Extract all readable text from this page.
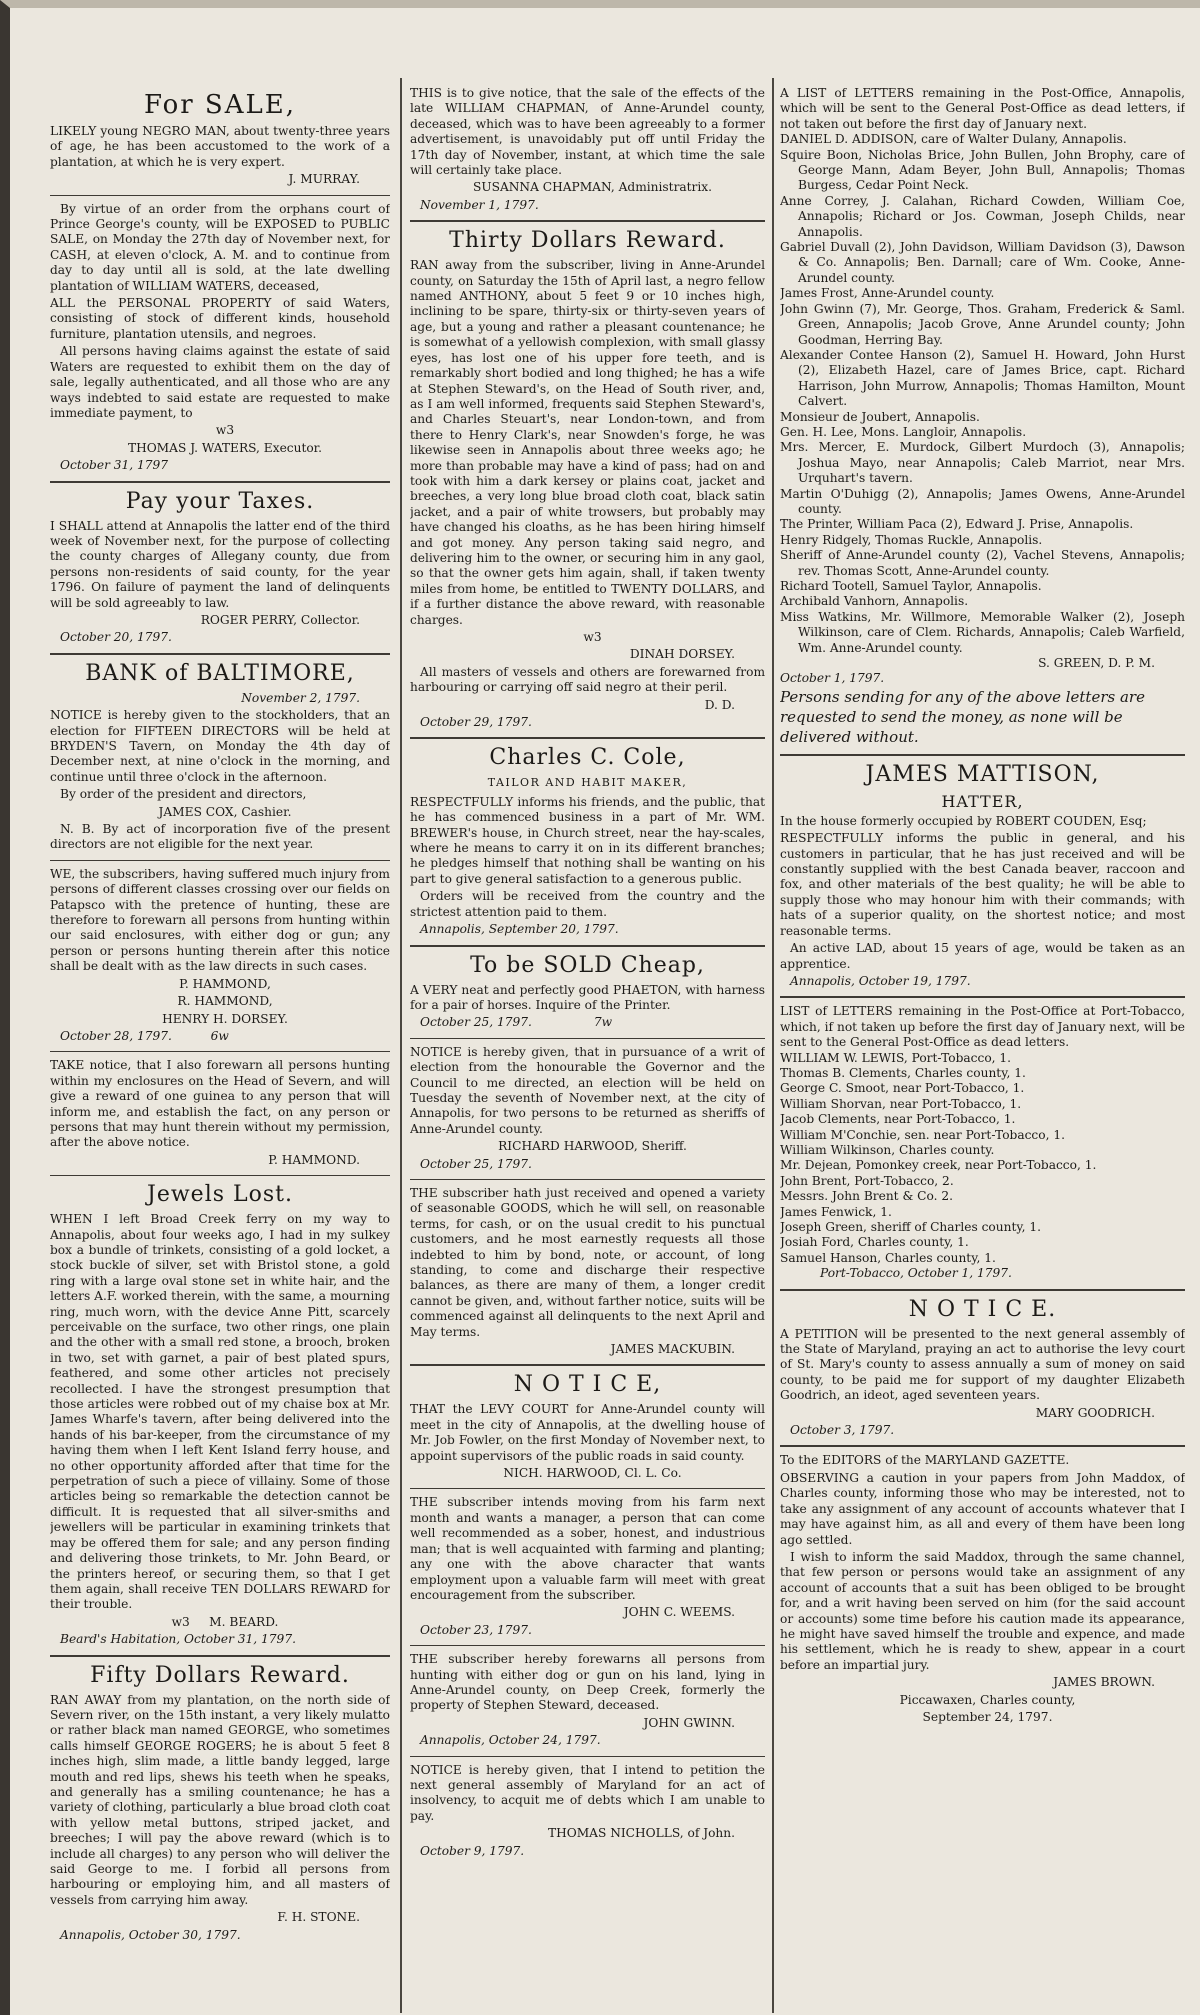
For SALE,

LIKELY young NEGRO MAN, about twenty-three years of age, he has been accustomed to the work of a plantation, at which he is very expert.

J. MURRAY.

By virtue of an order from the orphans court of Prince George's county, will be EXPOSED to PUBLIC SALE, on Monday the 27th day of November next, for CASH, at eleven o'clock, A. M. and to continue from day to day until all is sold, at the late dwelling plantation of WILLIAM WATERS, deceased,

ALL the PERSONAL PROPERTY of said Waters, consisting of stock of different kinds, household furniture, plantation utensils, and negroes.

All persons having claims against the estate of said Waters are requested to exhibit them on the day of sale, legally authenticated, and all those who are any ways indebted to said estate are requested to make immediate payment, to

w3

THOMAS J. WATERS, Executor.

October 31, 1797

Pay your Taxes.

I SHALL attend at Annapolis the latter end of the third week of November next, for the purpose of collecting the county charges of Allegany county, due from persons non-residents of said county, for the year 1796. On failure of payment the land of delinquents will be sold agreeably to law.

ROGER PERRY, Collector.

October 20, 1797.

BANK of BALTIMORE,

November 2, 1797.

NOTICE is hereby given to the stockholders, that an election for FIFTEEN DIRECTORS will be held at BRYDEN'S Tavern, on Monday the 4th day of December next, at nine o'clock in the morning, and continue until three o'clock in the afternoon.

By order of the president and directors,

JAMES COX, Cashier.

N. B. By act of incorporation five of the present directors are not eligible for the next year.

WE, the subscribers, having suffered much injury from persons of different classes crossing over our fields on Patapsco with the pretence of hunting, these are therefore to forewarn all persons from hunting within our said enclosures, with either dog or gun; any person or persons hunting therein after this notice shall be dealt with as the law directs in such cases.

P. HAMMOND,

R. HAMMOND,

HENRY H. DORSEY.

October 28, 1797.	6w

TAKE notice, that I also forewarn all persons hunting within my enclosures on the Head of Severn, and will give a reward of one guinea to any person that will inform me, and establish the fact, on any person or persons that may hunt therein without my permission, after the above notice.

P. HAMMOND.

Jewels Lost.

WHEN I left Broad Creek ferry on my way to Annapolis, about four weeks ago, I had in my sulkey box a bundle of trinkets, consisting of a gold locket, a stock buckle of silver, set with Bristol stone, a gold ring with a large oval stone set in white hair, and the letters A.F. worked therein, with the same, a mourning ring, much worn, with the device Anne Pitt, scarcely perceivable on the surface, two other rings, one plain and the other with a small red stone, a brooch, broken in two, set with garnet, a pair of best plated spurs, feathered, and some other articles not precisely recollected. I have the strongest presumption that those articles were robbed out of my chaise box at Mr. James Wharfe's tavern, after being delivered into the hands of his bar-keeper, from the circumstance of my having them when I left Kent Island ferry house, and no other opportunity afforded after that time for the perpetration of such a piece of villainy. Some of those articles being so remarkable the detection cannot be difficult. It is requested that all silver-smiths and jewellers will be particular in examining trinkets that may be offered them for sale; and any person finding and delivering those trinkets, to Mr. John Beard, or the printers hereof, or securing them, so that I get them again, shall receive TEN DOLLARS REWARD for their trouble.

w3 M. BEARD.

Beard's Habitation, October 31, 1797.

Fifty Dollars Reward.

RAN AWAY from my plantation, on the north side of Severn river, on the 15th instant, a very likely mulatto or rather black man named GEORGE, who sometimes calls himself GEORGE ROGERS; he is about 5 feet 8 inches high, slim made, a little bandy legged, large mouth and red lips, shews his teeth when he speaks, and generally has a smiling countenance; he has a variety of clothing, particularly a blue broad cloth coat with yellow metal buttons, striped jacket, and breeches; I will pay the above reward (which is to include all charges) to any person who will deliver the said George to me. I forbid all persons from harbouring or employing him, and all masters of vessels from carrying him away.

F. H. STONE.

Annapolis, October 30, 1797.

THIS is to give notice, that the sale of the effects of the late WILLIAM CHAPMAN, of Anne-Arundel county, deceased, which was to have been agreeably to a former advertisement, is unavoidably put off until Friday the 17th day of November, instant, at which time the sale will certainly take place.

SUSANNA CHAPMAN, Administratrix.

November 1, 1797.

Thirty Dollars Reward.

RAN away from the subscriber, living in Anne-Arundel county, on Saturday the 15th of April last, a negro fellow named ANTHONY, about 5 feet 9 or 10 inches high, inclining to be spare, thirty-six or thirty-seven years of age, but a young and rather a pleasant countenance; he is somewhat of a yellowish complexion, with small glassy eyes, has lost one of his upper fore teeth, and is remarkably short bodied and long thighed; he has a wife at Stephen Steward's, on the Head of South river, and, as I am well informed, frequents said Stephen Steward's, and Charles Steuart's, near London-town, and from there to Henry Clark's, near Snowden's forge, he was likewise seen in Annapolis about three weeks ago; he more than probable may have a kind of pass; had on and took with him a dark kersey or plains coat, jacket and breeches, a very long blue broad cloth coat, black satin jacket, and a pair of white trowsers, but probably may have changed his cloaths, as he has been hiring himself and got money. Any person taking said negro, and delivering him to the owner, or securing him in any gaol, so that the owner gets him again, shall, if taken twenty miles from home, be entitled to TWENTY DOLLARS, and if a further distance the above reward, with reasonable charges.

w3

DINAH DORSEY.

All masters of vessels and others are forewarned from harbouring or carrying off said negro at their peril.

D. D.

October 29, 1797.

Charles C. Cole,
TAILOR AND HABIT MAKER,

RESPECTFULLY informs his friends, and the public, that he has commenced business in a part of Mr. WM. BREWER's house, in Church street, near the hay-scales, where he means to carry it on in its different branches; he pledges himself that nothing shall be wanting on his part to give general satisfaction to a generous public.

Orders will be received from the country and the strictest attention paid to them.

Annapolis, September 20, 1797.

To be SOLD Cheap,

A VERY neat and perfectly good PHAETON, with harness for a pair of horses. Inquire of the Printer.

October 25, 1797.	7w

NOTICE is hereby given, that in pursuance of a writ of election from the honourable the Governor and the Council to me directed, an election will be held on Tuesday the seventh of November next, at the city of Annapolis, for two persons to be returned as sheriffs of Anne-Arundel county.

RICHARD HARWOOD, Sheriff.

October 25, 1797.

THE subscriber hath just received and opened a variety of seasonable GOODS, which he will sell, on reasonable terms, for cash, or on the usual credit to his punctual customers, and he most earnestly requests all those indebted to him by bond, note, or account, of long standing, to come and discharge their respective balances, as there are many of them, a longer credit cannot be given, and, without farther notice, suits will be commenced against all delinquents to the next April and May terms.

JAMES MACKUBIN.

N O T I C E,

THAT the LEVY COURT for Anne-Arundel county will meet in the city of Annapolis, at the dwelling house of Mr. Job Fowler, on the first Monday of November next, to appoint supervisors of the public roads in said county.

NICH. HARWOOD, Cl. L. Co.

THE subscriber intends moving from his farm next month and wants a manager, a person that can come well recommended as a sober, honest, and industrious man; that is well acquainted with farming and planting; any one with the above character that wants employment upon a valuable farm will meet with great encouragement from the subscriber.

JOHN C. WEEMS.

October 23, 1797.

THE subscriber hereby forewarns all persons from hunting with either dog or gun on his land, lying in Anne-Arundel county, on Deep Creek, formerly the property of Stephen Steward, deceased.

JOHN GWINN.

Annapolis, October 24, 1797.

NOTICE is hereby given, that I intend to petition the next general assembly of Maryland for an act of insolvency, to acquit me of debts which I am unable to pay.

THOMAS NICHOLLS, of John.

October 9, 1797.

A LIST of LETTERS remaining in the Post-Office, Annapolis, which will be sent to the General Post-Office as dead letters, if not taken out before the first day of January next.

DANIEL D. ADDISON, care of Walter Dulany, Annapolis.

Squire Boon, Nicholas Brice, John Bullen, John Brophy, care of George Mann, Adam Beyer, John Bull, Annapolis; Thomas Burgess, Cedar Point Neck.

Anne Correy, J. Calahan, Richard Cowden, William Coe, Annapolis; Richard or Jos. Cowman, Joseph Childs, near Annapolis.

Gabriel Duvall (2), John Davidson, William Davidson (3), Dawson & Co. Annapolis; Ben. Darnall; care of Wm. Cooke, Anne-Arundel county.

James Frost, Anne-Arundel county.

John Gwinn (7), Mr. George, Thos. Graham, Frederick & Saml. Green, Annapolis; Jacob Grove, Anne Arundel county; John Goodman, Herring Bay.

Alexander Contee Hanson (2), Samuel H. Howard, John Hurst (2), Elizabeth Hazel, care of James Brice, capt. Richard Harrison, John Murrow, Annapolis; Thomas Hamilton, Mount Calvert.

Monsieur de Joubert, Annapolis.

Gen. H. Lee, Mons. Langloir, Annapolis.

Mrs. Mercer, E. Murdock, Gilbert Murdoch (3), Annapolis; Joshua Mayo, near Annapolis; Caleb Marriot, near Mrs. Urquhart's tavern.

Martin O'Duhigg (2), Annapolis; James Owens, Anne-Arundel county.

The Printer, William Paca (2), Edward J. Prise, Annapolis.

Henry Ridgely, Thomas Ruckle, Annapolis.

Sheriff of Anne-Arundel county (2), Vachel Stevens, Annapolis; rev. Thomas Scott, Anne-Arundel county.

Richard Tootell, Samuel Taylor, Annapolis.

Archibald Vanhorn, Annapolis.

Miss Watkins, Mr. Willmore, Memorable Walker (2), Joseph Wilkinson, care of Clem. Richards, Annapolis; Caleb Warfield, Wm. Anne-Arundel county.

S. GREEN, D. P. M.

October 1, 1797.

Persons sending for any of the above letters are requested to send the money, as none will be delivered without.

JAMES MATTISON,
HATTER,

In the house formerly occupied by ROBERT COUDEN, Esq;

RESPECTFULLY informs the public in general, and his customers in particular, that he has just received and will be constantly supplied with the best Canada beaver, raccoon and fox, and other materials of the best quality; he will be able to supply those who may honour him with their commands; with hats of a superior quality, on the shortest notice; and most reasonable terms.

An active LAD, about 15 years of age, would be taken as an apprentice.

Annapolis, October 19, 1797.

LIST of LETTERS remaining in the Post-Office at Port-Tobacco, which, if not taken up before the first day of January next, will be sent to the General Post-Office as dead letters.

WILLIAM W. LEWIS, Port-Tobacco, 1.

Thomas B. Clements, Charles county, 1.

George C. Smoot, near Port-Tobacco, 1.

William Shorvan, near Port-Tobacco, 1.

Jacob Clements, near Port-Tobacco, 1.

William M'Conchie, sen. near Port-Tobacco, 1.

William Wilkinson, Charles county.

Mr. Dejean, Pomonkey creek, near Port-Tobacco, 1.

John Brent, Port-Tobacco, 2.

Messrs. John Brent & Co. 2.

James Fenwick, 1.

Joseph Green, sheriff of Charles county, 1.

Josiah Ford, Charles county, 1.

Samuel Hanson, Charles county, 1.

Port-Tobacco, October 1, 1797.

N O T I C E.

A PETITION will be presented to the next general assembly of the State of Maryland, praying an act to authorise the levy court of St. Mary's county to assess annually a sum of money on said county, to be paid me for support of my daughter Elizabeth Goodrich, an ideot, aged seventeen years.

MARY GOODRICH.

October 3, 1797.

To the EDITORS of the MARYLAND GAZETTE.

OBSERVING a caution in your papers from John Maddox, of Charles county, informing those who may be interested, not to take any assignment of any account of accounts whatever that I may have against him, as all and every of them have been long ago settled.

I wish to inform the said Maddox, through the same channel, that few person or persons would take an assignment of any account of accounts that a suit has been obliged to be brought for, and a writ having been served on him (for the said account or accounts) some time before his caution made its appearance, he might have saved himself the trouble and expence, and made his settlement, which he is ready to shew, appear in a court before an impartial jury.

JAMES BROWN.

Piccawaxen, Charles county,

September 24, 1797.
